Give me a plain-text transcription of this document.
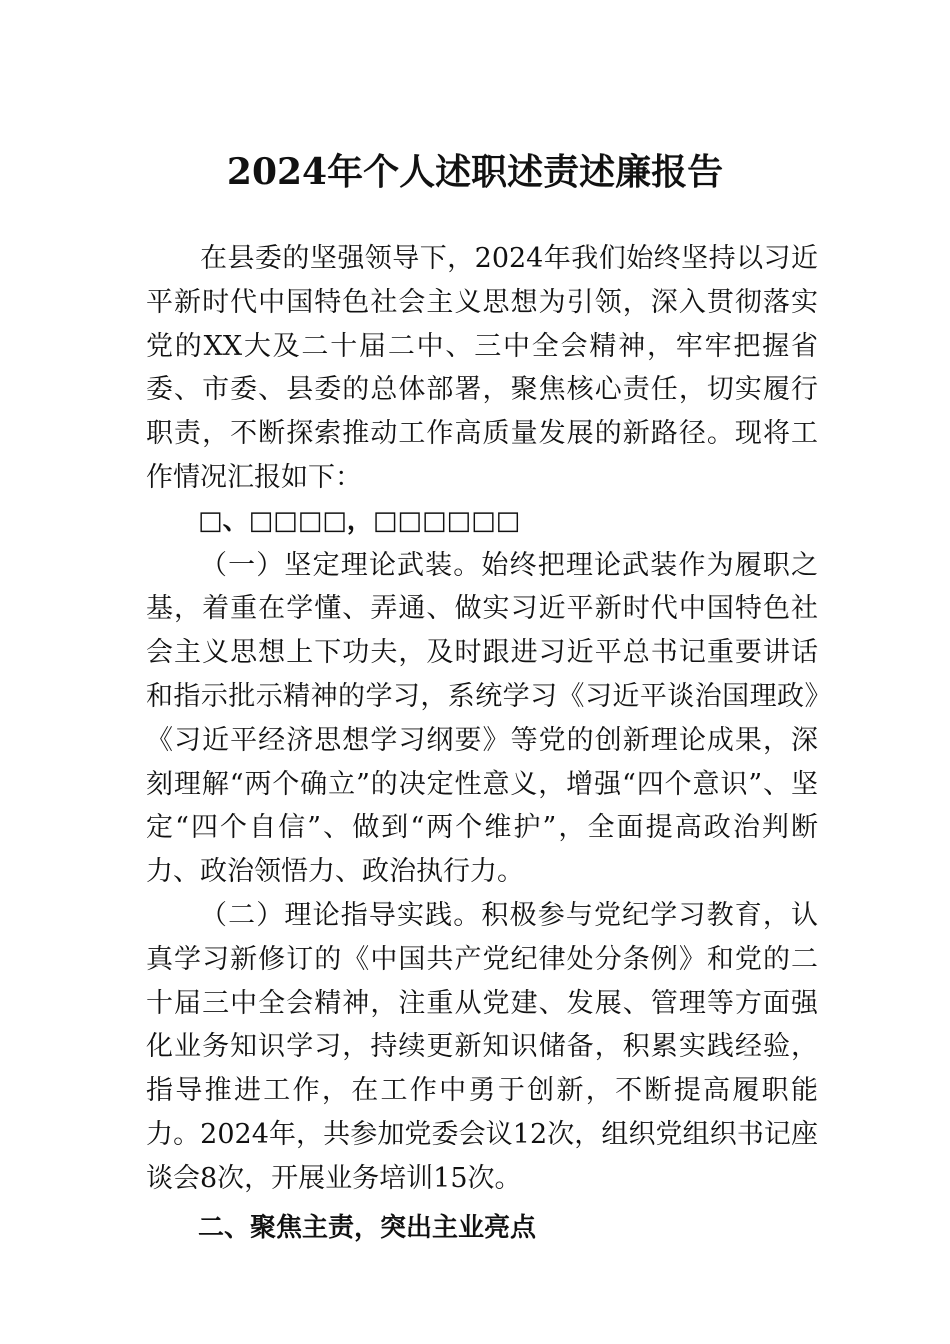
2024年个人述职述责述廉报告

在县委的坚强领导下，2024年我们始终坚持以习近平新时代中国特色社会主义思想为引领，深入贯彻落实党的XX大及二十届二中、三中全会精神，牢牢把握省委、市委、县委的总体部署，聚焦核心责任，切实履行职责，不断探索推动工作高质量发展的新路径。现将工作情况汇报如下：

□、□□□□，□□□□□□

（一）坚定理论武装。始终把理论武装作为履职之基，着重在学懂、弄通、做实习近平新时代中国特色社会主义思想上下功夫，及时跟进习近平总书记重要讲话和指示批示精神的学习，系统学习《习近平谈治国理政》《习近平经济思想学习纲要》等党的创新理论成果，深刻理解“两个确立”的决定性意义，增强“四个意识”、坚定“四个自信”、做到“两个维护”，全面提高政治判断力、政治领悟力、政治执行力。

（二）理论指导实践。积极参与党纪学习教育，认真学习新修订的《中国共产党纪律处分条例》和党的二十届三中全会精神，注重从党建、发展、管理等方面强化业务知识学习，持续更新知识储备，积累实践经验，指导推进工作，在工作中勇于创新，不断提高履职能力。2024年，共参加党委会议12次，组织党组织书记座谈会8次，开展业务培训15次。

二、聚焦主责，突出主业亮点
